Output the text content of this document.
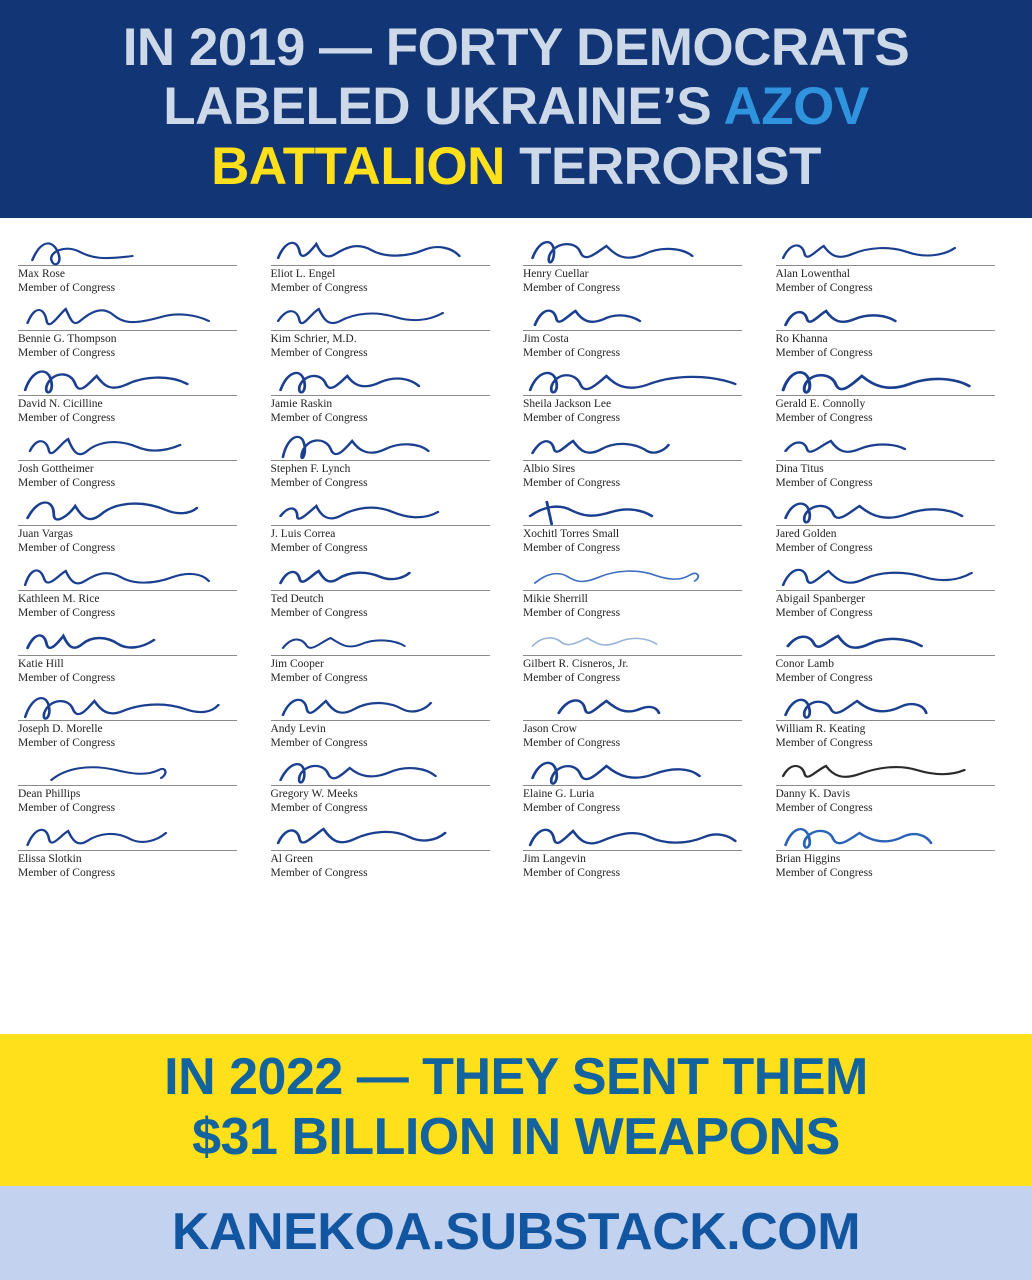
IN 2019 — FORTY DEMOCRATS
LABELED UKRAINE’S AZOV
BATTALION TERRORIST
Max Rose
Member of Congress
Bennie G. Thompson
Member of Congress
David N. Cicilline
Member of Congress
Josh Gottheimer
Member of Congress
Juan Vargas
Member of Congress
Kathleen M. Rice
Member of Congress
Katie Hill
Member of Congress
Joseph D. Morelle
Member of Congress
Dean Phillips
Member of Congress
Elissa Slotkin
Member of Congress
Eliot L. Engel
Member of Congress
Kim Schrier, M.D.
Member of Congress
Jamie Raskin
Member of Congress
Stephen F. Lynch
Member of Congress
J. Luis Correa
Member of Congress
Ted Deutch
Member of Congress
Jim Cooper
Member of Congress
Andy Levin
Member of Congress
Gregory W. Meeks
Member of Congress
Al Green
Member of Congress
Henry Cuellar
Member of Congress
Jim Costa
Member of Congress
Sheila Jackson Lee
Member of Congress
Albio Sires
Member of Congress
Xochitl Torres Small
Member of Congress
Mikie Sherrill
Member of Congress
Gilbert R. Cisneros, Jr.
Member of Congress
Jason Crow
Member of Congress
Elaine G. Luria
Member of Congress
Jim Langevin
Member of Congress
Alan Lowenthal
Member of Congress
Ro Khanna
Member of Congress
Gerald E. Connolly
Member of Congress
Dina Titus
Member of Congress
Jared Golden
Member of Congress
Abigail Spanberger
Member of Congress
Conor Lamb
Member of Congress
William R. Keating
Member of Congress
Danny K. Davis
Member of Congress
Brian Higgins
Member of Congress
IN 2022 — THEY SENT THEM
$31 BILLION IN WEAPONS
KANEKOA.SUBSTACK.COM
